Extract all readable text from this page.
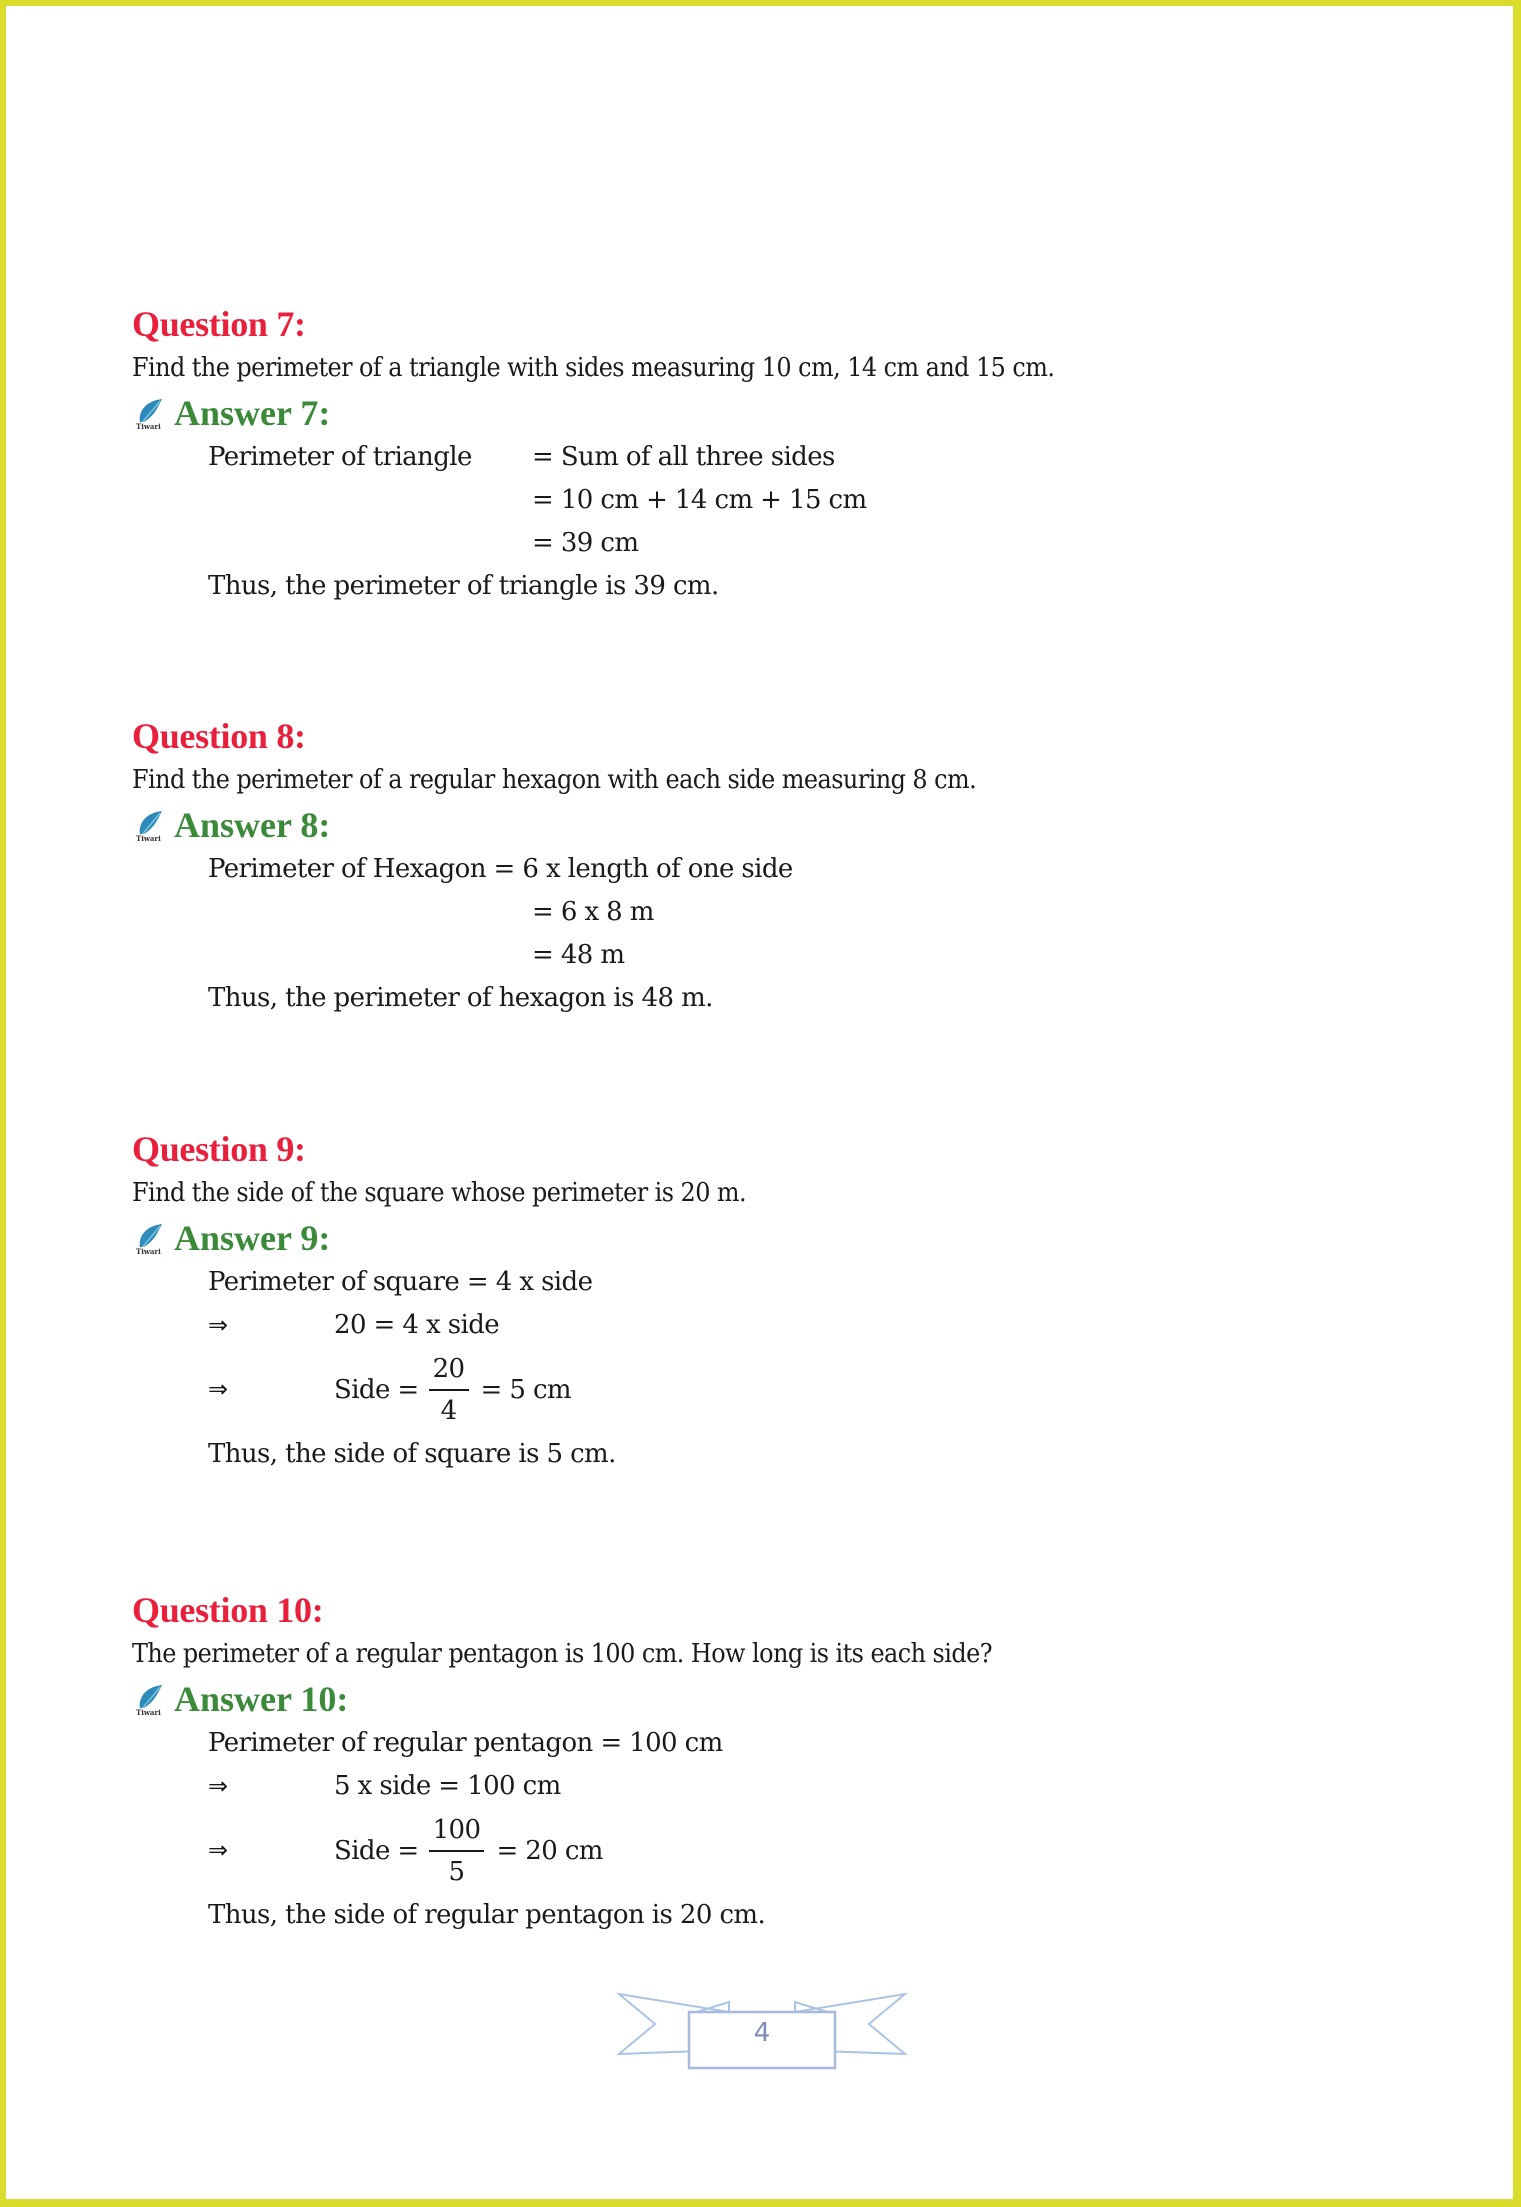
Question 7:
Find the perimeter of a triangle with sides measuring 10 cm, 14 cm and 15 cm.
Tiwari Answer 7:
Perimeter of triangle = Sum of all three sides
= 10 cm + 14 cm + 15 cm
= 39 cm
Thus, the perimeter of triangle is 39 cm.
Question 8:
Find the perimeter of a regular hexagon with each side measuring 8 cm.
Tiwari Answer 8:
Perimeter of Hexagon = 6 x length of one side
= 6 x 8 m
= 48 m
Thus, the perimeter of hexagon is 48 m.
Question 9:
Find the side of the square whose perimeter is 20 m.
Tiwari Answer 9:
Perimeter of square = 4 x side
⇒	20 = 4 x side
⇒	Side = $\frac{20}{4} = 5$ cm
Thus, the side of square is 5 cm.
Question 10:
The perimeter of a regular pentagon is 100 cm. How long is its each side?
Tiwari Answer 10:
Perimeter of regular pentagon = 100 cm
⇒	5 x side = 100 cm
⇒	Side = $\frac{100}{5} = 20$ cm
Thus, the side of regular pentagon is 20 cm.
4
